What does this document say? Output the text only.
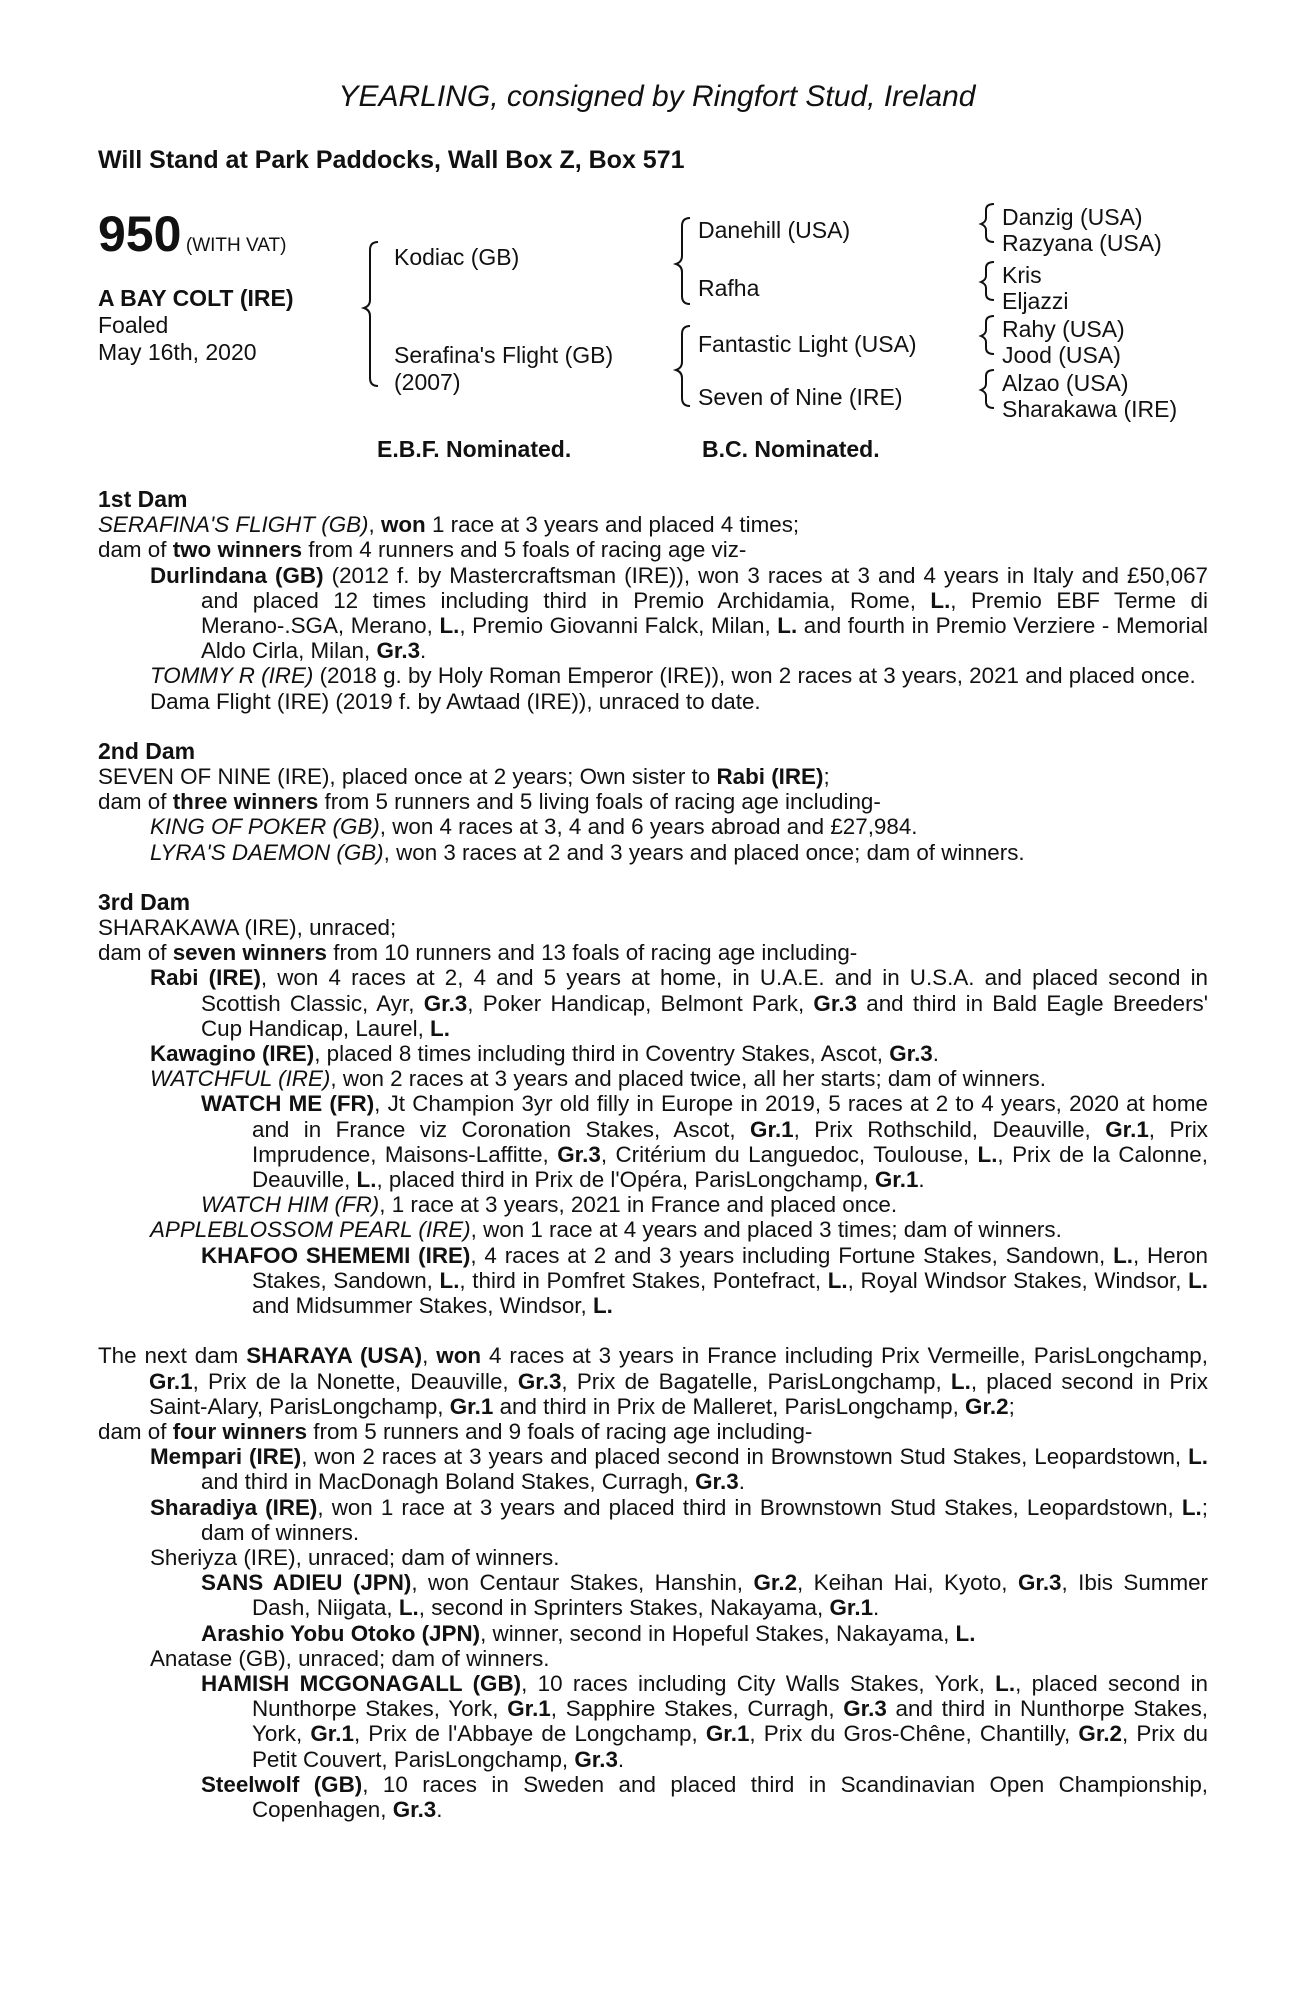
YEARLING, consigned by Ringfort Stud, Ireland
Will Stand at Park Paddocks, Wall Box Z, Box 571
950 (WITH VAT)
A BAY COLT (IRE)
Foaled
May 16th, 2020
Kodiac (GB)
Serafina's Flight (GB)
(2007)
Danehill (USA)
Rafha
Fantastic Light (USA)
Seven of Nine (IRE)
Danzig (USA)
Razyana (USA)
Kris
Eljazzi
Rahy (USA)
Jood (USA)
Alzao (USA)
Sharakawa (IRE)
E.B.F. Nominated.	B.C. Nominated.

1st Dam

SERAFINA'S FLIGHT (GB), won 1 race at 3 years and placed 4 times;

dam of two winners from 4 runners and 5 foals of racing age viz-

Durlindana (GB) (2012 f. by Mastercraftsman (IRE)), won 3 races at 3 and 4 years in Italy and £50,067 and placed 12 times including third in Premio Archidamia, Rome, L., Premio EBF Terme di Merano-.SGA, Merano, L., Premio Giovanni Falck, Milan, L. and fourth in Premio Verziere - Memorial Aldo Cirla, Milan, Gr.3.

TOMMY R (IRE) (2018 g. by Holy Roman Emperor (IRE)), won 2 races at 3 years, 2021 and placed once.

Dama Flight (IRE) (2019 f. by Awtaad (IRE)), unraced to date.

2nd Dam

SEVEN OF NINE (IRE), placed once at 2 years; Own sister to Rabi (IRE);

dam of three winners from 5 runners and 5 living foals of racing age including-

KING OF POKER (GB), won 4 races at 3, 4 and 6 years abroad and £27,984.

LYRA'S DAEMON (GB), won 3 races at 2 and 3 years and placed once; dam of winners.

3rd Dam

SHARAKAWA (IRE), unraced;

dam of seven winners from 10 runners and 13 foals of racing age including-

Rabi (IRE), won 4 races at 2, 4 and 5 years at home, in U.A.E. and in U.S.A. and placed second in Scottish Classic, Ayr, Gr.3, Poker Handicap, Belmont Park, Gr.3 and third in Bald Eagle Breeders' Cup Handicap, Laurel, L.

Kawagino (IRE), placed 8 times including third in Coventry Stakes, Ascot, Gr.3.

WATCHFUL (IRE), won 2 races at 3 years and placed twice, all her starts; dam of winners.

WATCH ME (FR), Jt Champion 3yr old filly in Europe in 2019, 5 races at 2 to 4 years, 2020 at home and in France viz Coronation Stakes, Ascot, Gr.1, Prix Rothschild, Deauville, Gr.1, Prix Imprudence, Maisons-Laffitte, Gr.3, Critérium du Languedoc, Toulouse, L., Prix de la Calonne, Deauville, L., placed third in Prix de l'Opéra, ParisLongchamp, Gr.1.

WATCH HIM (FR), 1 race at 3 years, 2021 in France and placed once.

APPLEBLOSSOM PEARL (IRE), won 1 race at 4 years and placed 3 times; dam of winners.

KHAFOO SHEMEMI (IRE), 4 races at 2 and 3 years including Fortune Stakes, Sandown, L., Heron Stakes, Sandown, L., third in Pomfret Stakes, Pontefract, L., Royal Windsor Stakes, Windsor, L. and Midsummer Stakes, Windsor, L.

The next dam SHARAYA (USA), won 4 races at 3 years in France including Prix Vermeille, ParisLongchamp, Gr.1, Prix de la Nonette, Deauville, Gr.3, Prix de Bagatelle, ParisLongchamp, L., placed second in Prix Saint-Alary, ParisLongchamp, Gr.1 and third in Prix de Malleret, ParisLongchamp, Gr.2;

dam of four winners from 5 runners and 9 foals of racing age including-

Mempari (IRE), won 2 races at 3 years and placed second in Brownstown Stud Stakes, Leopardstown, L. and third in MacDonagh Boland Stakes, Curragh, Gr.3.

Sharadiya (IRE), won 1 race at 3 years and placed third in Brownstown Stud Stakes, Leopardstown, L.; dam of winners.

Sheriyza (IRE), unraced; dam of winners.

SANS ADIEU (JPN), won Centaur Stakes, Hanshin, Gr.2, Keihan Hai, Kyoto, Gr.3, Ibis Summer Dash, Niigata, L., second in Sprinters Stakes, Nakayama, Gr.1.

Arashio Yobu Otoko (JPN), winner, second in Hopeful Stakes, Nakayama, L.

Anatase (GB), unraced; dam of winners.

HAMISH MCGONAGALL (GB), 10 races including City Walls Stakes, York, L., placed second in Nunthorpe Stakes, York, Gr.1, Sapphire Stakes, Curragh, Gr.3 and third in Nunthorpe Stakes, York, Gr.1, Prix de l'Abbaye de Longchamp, Gr.1, Prix du Gros-Chêne, Chantilly, Gr.2, Prix du Petit Couvert, ParisLongchamp, Gr.3.

Steelwolf (GB), 10 races in Sweden and placed third in Scandinavian Open Championship, Copenhagen, Gr.3.
